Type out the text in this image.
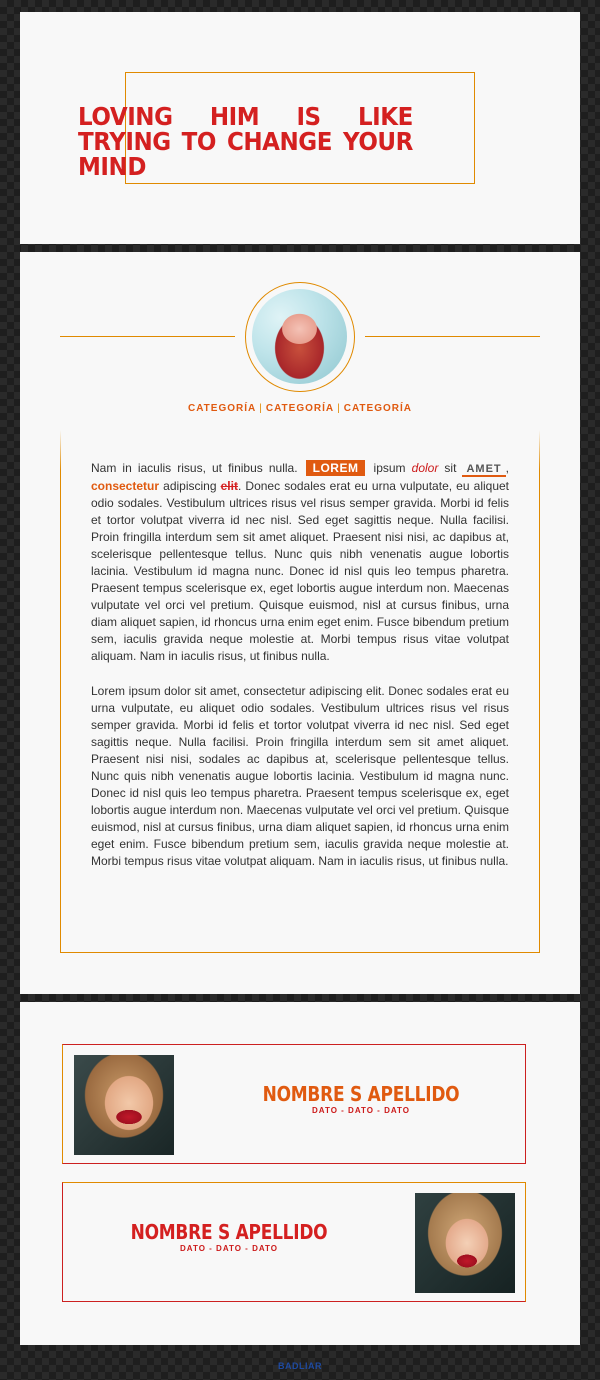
LOVING HIM IS LIKE TRYING TO CHANGE YOUR MIND
CATEGORÍA | CATEGORÍA | CATEGORÍA

Nam in iaculis risus, ut finibus nulla. LOREM ipsum dolor sit AMET , consectetur adipiscing elit. Donec sodales erat eu urna vulputate, eu aliquet odio sodales. Vestibulum ultrices risus vel risus semper gravida. Morbi id felis et tortor volutpat viverra id nec nisl. Sed eget sagittis neque. Nulla facilisi. Proin fringilla interdum sem sit amet aliquet. Praesent nisi nisi, ac dapibus at, scelerisque pellentesque tellus. Nunc quis nibh venenatis augue lobortis lacinia. Vestibulum id magna nunc. Donec id nisl quis leo tempus pharetra. Praesent tempus scelerisque ex, eget lobortis augue interdum non. Maecenas vulputate vel orci vel pretium. Quisque euismod, nisl at cursus finibus, urna diam aliquet sapien, id rhoncus urna enim eget enim. Fusce bibendum pretium sem, iaculis gravida neque molestie at. Morbi tempus risus vitae volutpat aliquam. Nam in iaculis risus, ut finibus nulla.

Lorem ipsum dolor sit amet, consectetur adipiscing elit. Donec sodales erat eu urna vulputate, eu aliquet odio sodales. Vestibulum ultrices risus vel risus semper gravida. Morbi id felis et tortor volutpat viverra id nec nisl. Sed eget sagittis neque. Nulla facilisi. Proin fringilla interdum sem sit amet aliquet. Praesent nisi nisi, sodales ac dapibus at, scelerisque pellentesque tellus. Nunc quis nibh venenatis augue lobortis lacinia. Vestibulum id magna nunc. Donec id nisl quis leo tempus pharetra. Praesent tempus scelerisque ex, eget lobortis augue interdum non. Maecenas vulputate vel orci vel pretium. Quisque euismod, nisl at cursus finibus, urna diam aliquet sapien, id rhoncus urna enim eget enim. Fusce bibendum pretium sem, iaculis gravida neque molestie at. Morbi tempus risus vitae volutpat aliquam. Nam in iaculis risus, ut finibus nulla.

NOMBRE S APELLIDO
DATO - DATO - DATO
NOMBRE S APELLIDO
DATO - DATO - DATO
BADLIAR
